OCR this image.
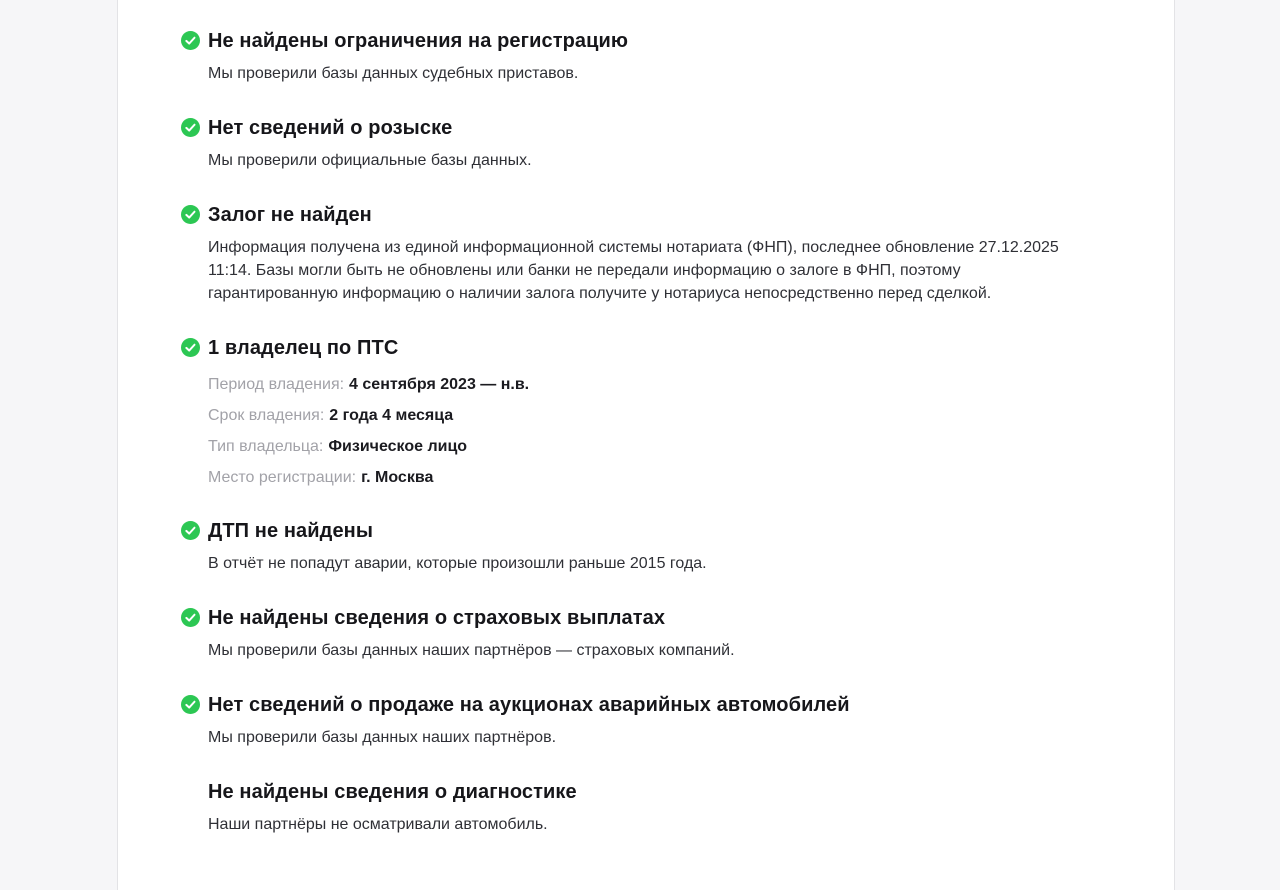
Не найдены ограничения на регистрацию

Мы проверили базы данных судебных приставов.

Нет сведений о розыске

Мы проверили официальные базы данных.

Залог не найден

Информация получена из единой информационной системы нотариата (ФНП), последнее обновление 27.12.2025 11:14. Базы могли быть не обновлены или банки не передали информацию о залоге в ФНП, поэтому гарантированную информацию о наличии залога получите у нотариуса непосредственно перед сделкой.

1 владелец по ПТС
Период владения: 4 сентября 2023 — н.в.
Срок владения: 2 года 4 месяца
Тип владельца: Физическое лицо
Место регистрации: г. Москва
ДТП не найдены

В отчёт не попадут аварии, которые произошли раньше 2015 года.

Не найдены сведения о страховых выплатах

Мы проверили базы данных наших партнёров — страховых компаний.

Нет сведений о продаже на аукционах аварийных автомобилей

Мы проверили базы данных наших партнёров.

Не найдены сведения о диагностике

Наши партнёры не осматривали автомобиль.
